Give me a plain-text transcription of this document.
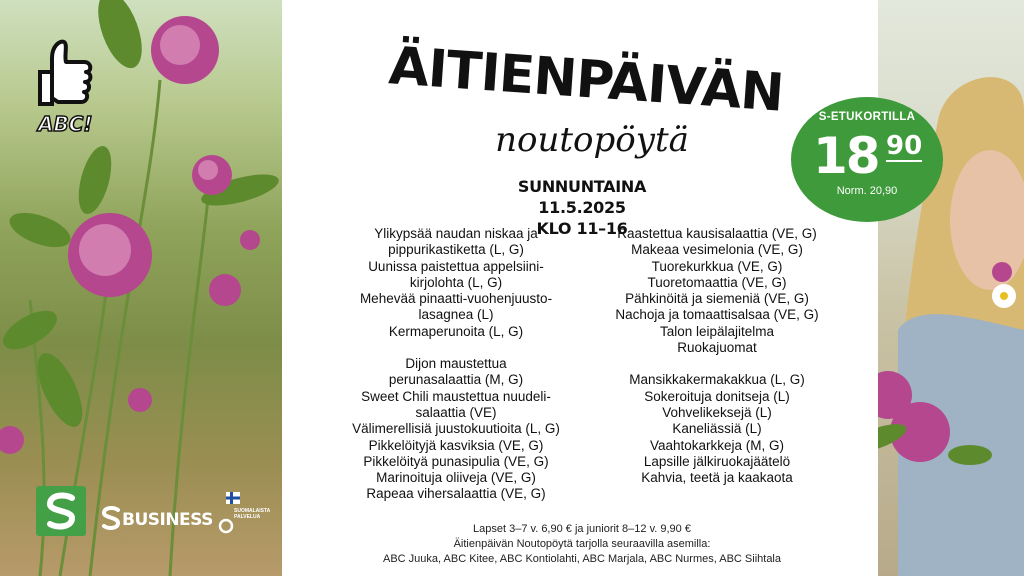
ABC!
BUSINESS	SUOMALAISTA PALVELUA
ÄITIENPÄIVÄN
noutopöytä
SUNNUNTAINA 11.5.2025
KLO 11–16
Ylikypsää naudan niskaa ja
pippurikastiketta (L, G)
Uunissa paistettua appelsiini-
kirjolohta (L, G)
Mehevää pinaatti-vuohenjuusto-
lasagnea (L)
Kermaperunoita (L, G)
Dijon maustettua
perunasalaattia (M, G)
Sweet Chili maustettua nuudeli-
salaattia (VE)
Välimerellisiä juustokuutioita (L, G)
Pikkelöityjä kasviksia (VE, G)
Pikkelöityä punasipulia (VE, G)
Marinoituja oliiveja (VE, G)
Rapeaa vihersalaattia (VE, G)
Raastettua kausisalaattia (VE, G)
Makeaa vesimelonia (VE, G)
Tuorekurkkua (VE, G)
Tuoretomaattia (VE, G)
Pähkinöitä ja siemeniä (VE, G)
Nachoja ja tomaattisalsaa (VE, G)
Talon leipälajitelma
Ruokajuomat
Mansikkakermakakkua (L, G)
Sokeroituja donitseja (L)
Vohvelikeksejä (L)
Kaneliässiä (L)
Vaahtokarkkeja (M, G)
Lapsille jälkiruokajäätelö
Kahvia, teetä ja kaakaota
Lapset 3–7 v. 6,90 € ja juniorit 8–12 v. 9,90 €
Äitienpäivän Noutopöytä tarjolla seuraavilla asemilla:
ABC Juuka, ABC Kitee, ABC Kontiolahti, ABC Marjala, ABC Nurmes, ABC Siihtala
S-ETUKORTILLA
18 90
Norm. 20,90
